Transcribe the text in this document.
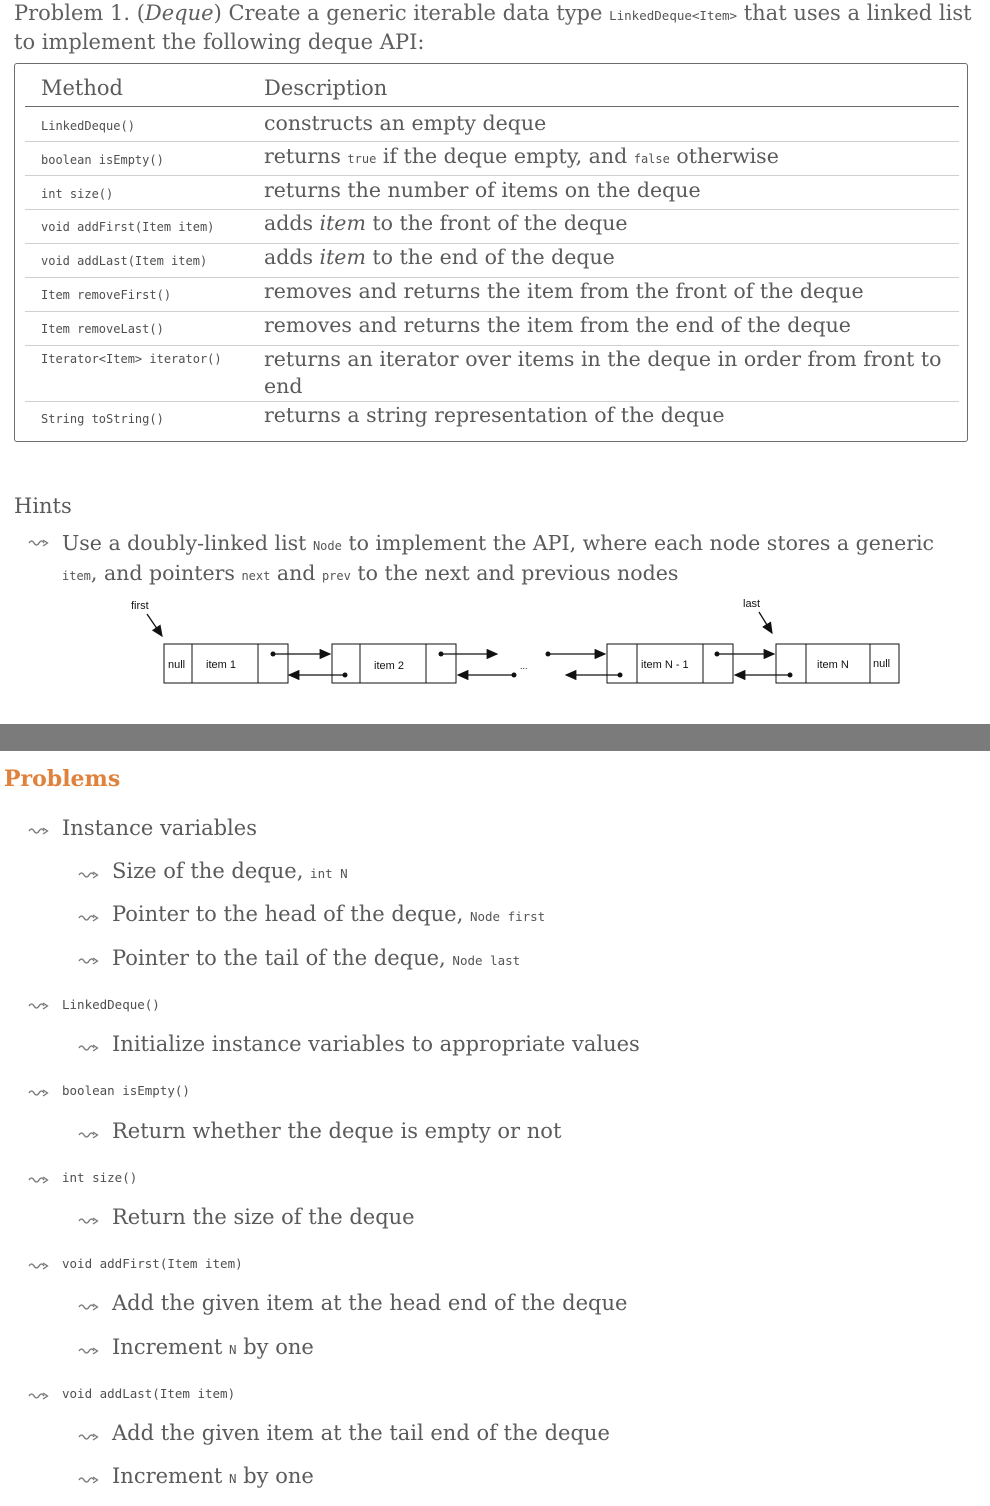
Problem 1. (Deque) Create a generic iterable data type LinkedDeque<Item> that uses a linked list
to implement the following deque API:
Method	Description
LinkedDeque()	constructs an empty deque
boolean isEmpty()	returns true if the deque empty, and false otherwise
int size()	returns the number of items on the deque
void addFirst(Item item) adds item to the front of the deque
void addLast(Item item)	adds item to the end of the deque
Item removeFirst()	removes and returns the item from the front of the deque
Item removeLast()	removes and returns the item from the end of the deque
Iterator<Item> iterator() returns an iterator over items in the deque in order from front to end
String toString()	returns a string representation of the deque
Hints
Use a doubly-linked list Node to implement the API, where each node stores a generic
item, and pointers next and prev to the next and previous nodes
first
null item 1	item 2	...	item N - 1
last
item N null
Problems
Instance variables
Size of the deque, int N
Pointer to the head of the deque, Node first
Pointer to the tail of the deque, Node last
LinkedDeque()
Initialize instance variables to appropriate values
boolean isEmpty()
Return whether the deque is empty or not
int size()
Return the size of the deque
void addFirst(Item item)
Add the given item at the head end of the deque
Increment N by one
void addLast(Item item)
Add the given item at the tail end of the deque
Increment N by one
